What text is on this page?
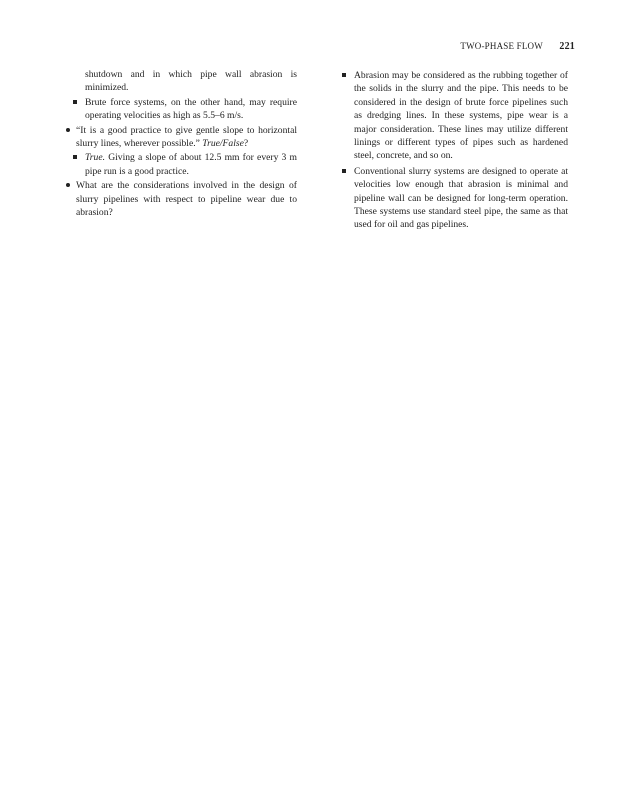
TWO-PHASE FLOW 221

shutdown and in which pipe wall abrasion is minimized.

Brute force systems, on the other hand, may require operating velocities as high as 5.5–6 m/s.

“It is a good practice to give gentle slope to horizontal slurry lines, wherever possible.” True/False?

True. Giving a slope of about 12.5 mm for every 3 m pipe run is a good practice.

What are the considerations involved in the design of slurry pipelines with respect to pipeline wear due to abrasion?

Abrasion may be considered as the rubbing together of the solids in the slurry and the pipe. This needs to be considered in the design of brute force pipelines such as dredging lines. In these systems, pipe wear is a major consideration. These lines may utilize different linings or different types of pipes such as hardened steel, concrete, and so on.

Conventional slurry systems are designed to operate at velocities low enough that abrasion is minimal and pipeline wall can be designed for long-term operation. These systems use standard steel pipe, the same as that used for oil and gas pipelines.
